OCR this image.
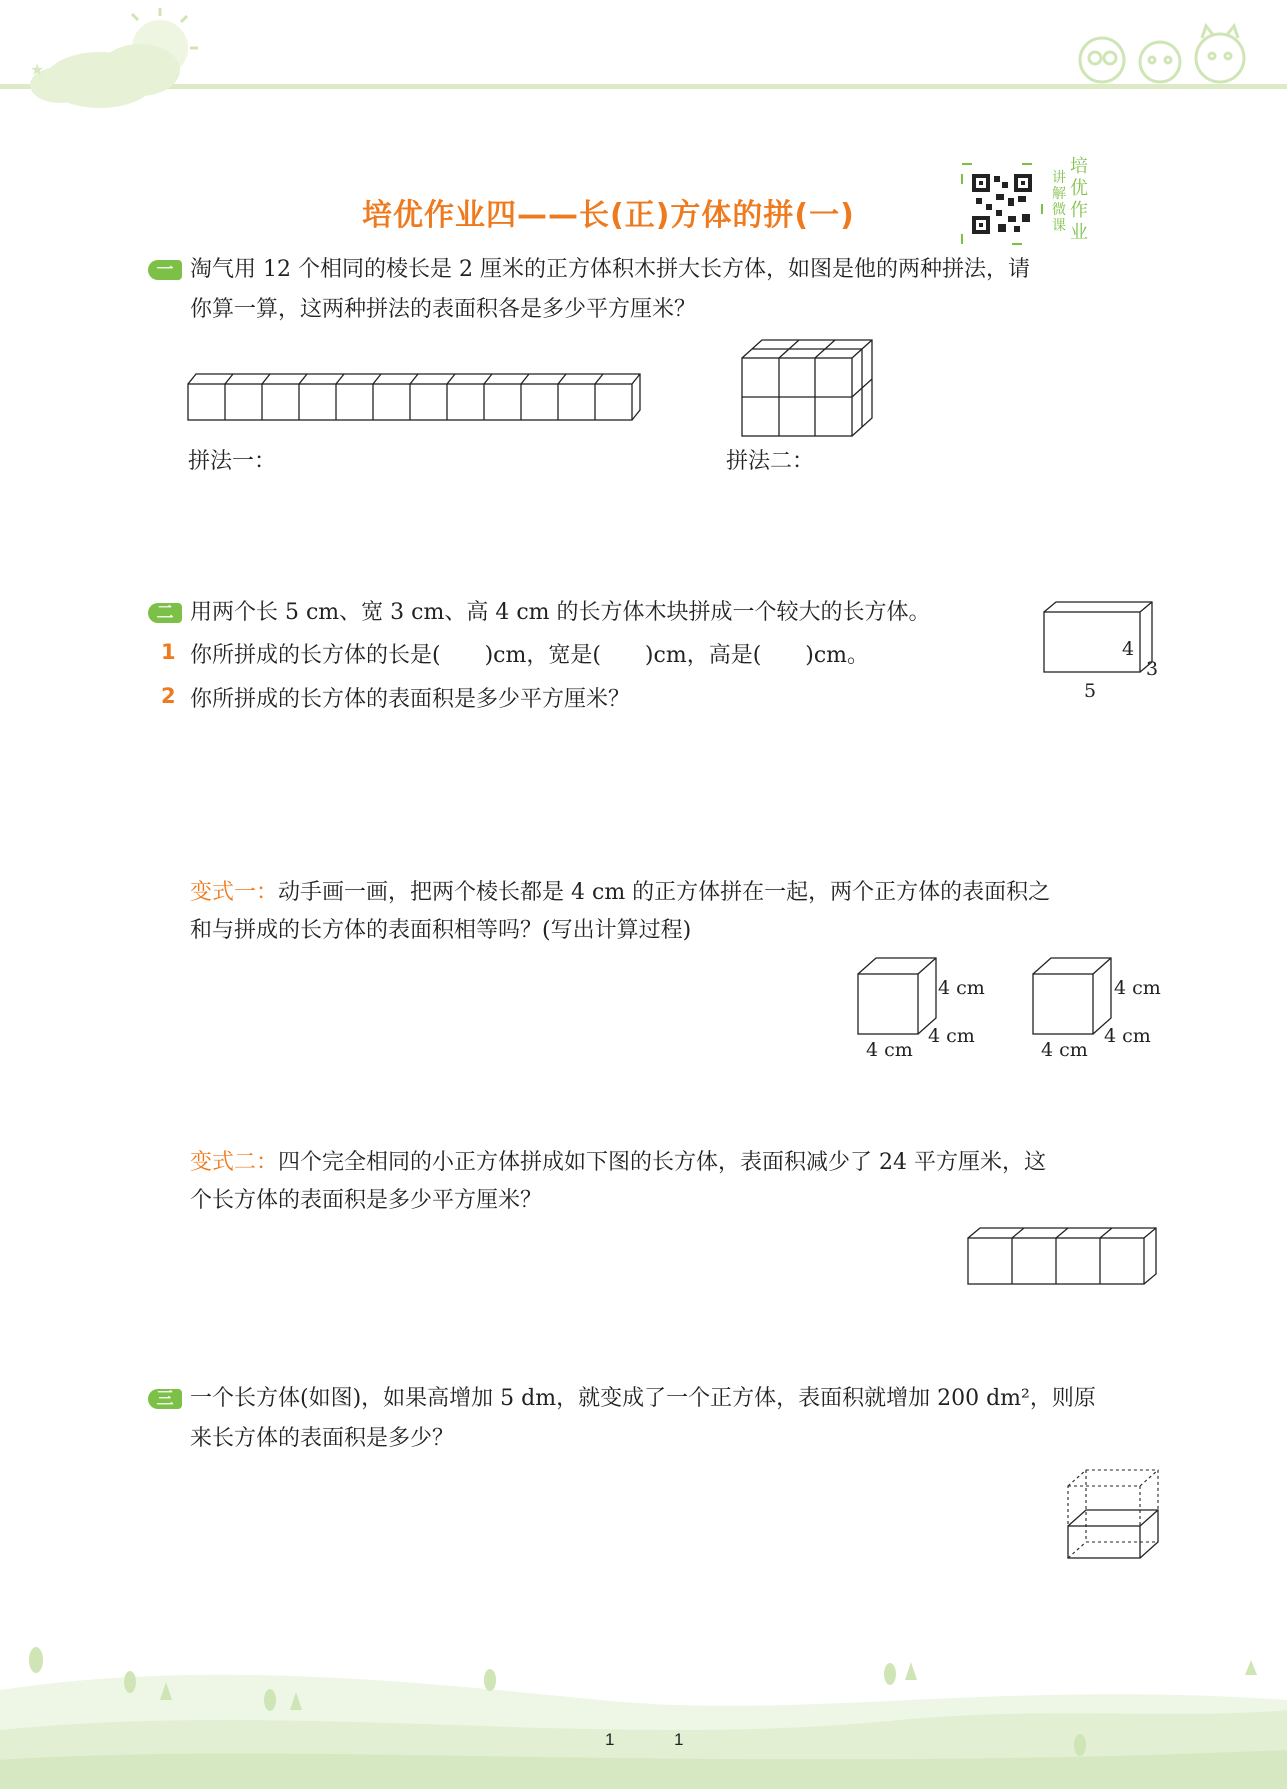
★
培优作业四——长(正)方体的拼(一)
讲解微课
培优作业
一 淘气用 12 个相同的棱长是 2 厘米的正方体积木拼大长方体，如图是他的两种拼法，请
你算一算，这两种拼法的表面积各是多少平方厘米？
拼法一：	拼法二：
二 用两个长 5 cm、宽 3 cm、高 4 cm 的长方体木块拼成一个较大的长方体。
1 你所拼成的长方体的长是(　　)cm，宽是(　　)cm，高是(　　)cm。
2 你所拼成的长方体的表面积是多少平方厘米？	5
4
3
变式一：动手画一画，把两个棱长都是 4 cm 的正方体拼在一起，两个正方体的表面积之
和与拼成的长方体的表面积相等吗？(写出计算过程)
4 cm
4 cm
4 cm
4 cm
4 cm
4 cm
变式二：四个完全相同的小正方体拼成如下图的长方体，表面积减少了 24 平方厘米，这
个长方体的表面积是多少平方厘米？
三 一个长方体(如图)，如果高增加 5 dm，就变成了一个正方体，表面积就增加 200 dm²，则原
来长方体的表面积是多少？
1	1
